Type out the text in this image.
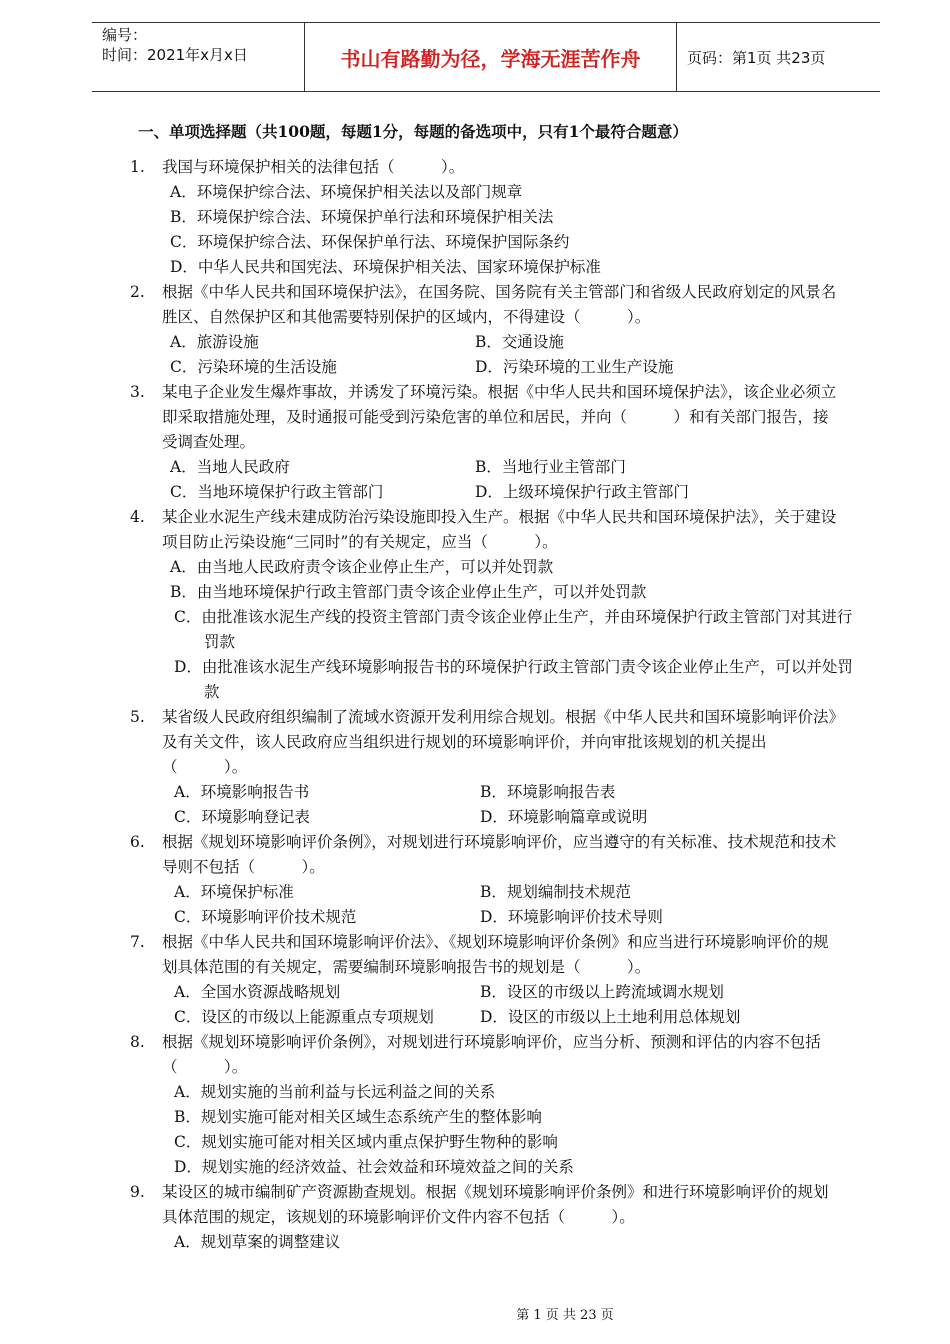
编号：
时间：2021年x月x日	书山有路勤为径，学海无涯苦作舟	页码：第1页 共23页
一、单项选择题（共100题，每题1分，每题的备选项中，只有1个最符合题意）
1. 我国与环境保护相关的法律包括（　　　）。
A．环境保护综合法、环境保护相关法以及部门规章
B．环境保护综合法、环境保护单行法和环境保护相关法
C．环境保护综合法、环保保护单行法、环境保护国际条约
D．中华人民共和国宪法、环境保护相关法、国家环境保护标准
2. 根据《中华人民共和国环境保护法》，在国务院、国务院有关主管部门和省级人民政府划定的风景名胜区、自然保护区和其他需要特别保护的区域内，不得建设（　　　）。
A．旅游设施	B．交通设施
C．污染环境的生活设施	D．污染环境的工业生产设施
3. 某电子企业发生爆炸事故，并诱发了环境污染。根据《中华人民共和国环境保护法》，该企业必须立即采取措施处理，及时通报可能受到污染危害的单位和居民，并向（　　　）和有关部门报告，接受调查处理。
A．当地人民政府	B．当地行业主管部门
C．当地环境保护行政主管部门	D．上级环境保护行政主管部门
4. 某企业水泥生产线未建成防治污染设施即投入生产。根据《中华人民共和国环境保护法》，关于建设项目防止污染设施“三同时”的有关规定，应当（　　　）。
A．由当地人民政府责令该企业停止生产，可以并处罚款
B．由当地环境保护行政主管部门责令该企业停止生产，可以并处罚款
C．由批准该水泥生产线的投资主管部门责令该企业停止生产，并由环境保护行政主管部门对其进行罚款
D．由批准该水泥生产线环境影响报告书的环境保护行政主管部门责令该企业停止生产，可以并处罚款
5. 某省级人民政府组织编制了流域水资源开发利用综合规划。根据《中华人民共和国环境影响评价法》及有关文件，该人民政府应当组织进行规划的环境影响评价，并向审批该规划的机关提出（　　　）。
A．环境影响报告书	B．环境影响报告表
C．环境影响登记表	D．环境影响篇章或说明
6. 根据《规划环境影响评价条例》，对规划进行环境影响评价，应当遵守的有关标准、技术规范和技术导则不包括（　　　）。
A．环境保护标准	B．规划编制技术规范
C．环境影响评价技术规范	D．环境影响评价技术导则
7. 根据《中华人民共和国环境影响评价法》、《规划环境影响评价条例》和应当进行环境影响评价的规划具体范围的有关规定，需要编制环境影响报告书的规划是（　　　）。
A．全国水资源战略规划	B．设区的市级以上跨流域调水规划
C．设区的市级以上能源重点专项规划	D．设区的市级以上土地利用总体规划
8. 根据《规划环境影响评价条例》，对规划进行环境影响评价，应当分析、预测和评估的内容不包括（　　　）。
A．规划实施的当前利益与长远利益之间的关系
B．规划实施可能对相关区域生态系统产生的整体影响
C．规划实施可能对相关区域内重点保护野生物种的影响
D．规划实施的经济效益、社会效益和环境效益之间的关系
9. 某设区的城市编制矿产资源勘查规划。根据《规划环境影响评价条例》和进行环境影响评价的规划具体范围的规定，该规划的环境影响评价文件内容不包括（　　　）。
A．规划草案的调整建议
第 1 页 共 23 页
